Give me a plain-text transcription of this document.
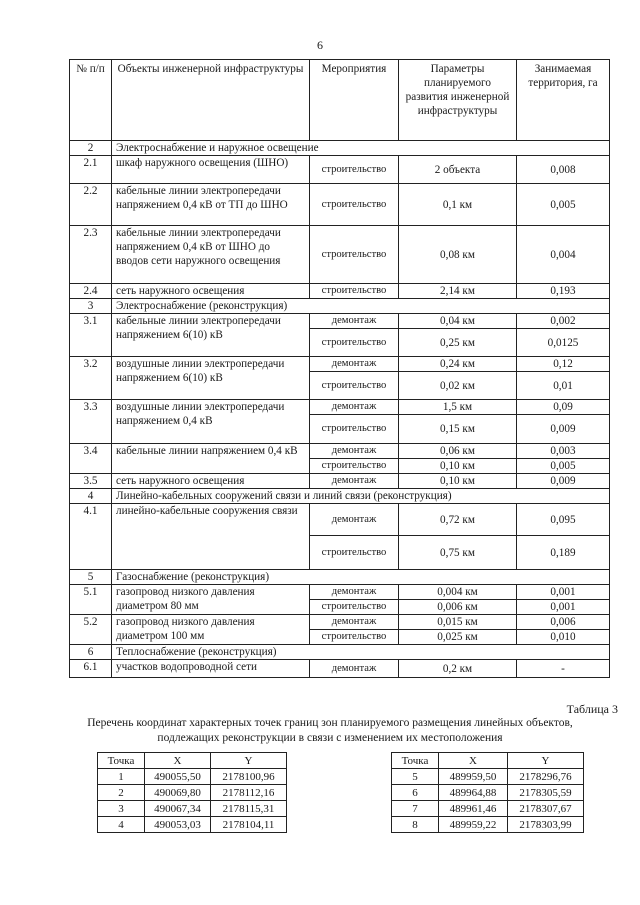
6
№ п/п	Объекты инженерной инфраструктуры	Мероприятия	Параметры планируемого развития инженерной инфраструктуры	Занимаемая территория, га
2	Электроснабжение и наружное освещение			
2.1	шкаф наружного освещения (ШНО)	строительство	2 объекта	0,008
2.2	кабельные линии электропередачи напряжением 0,4 кВ от ТП до ШНО	строительство	0,1 км	0,005
2.3	кабельные линии электропередачи напряжением 0,4 кВ от ШНО до вводов сети наружного освещения	строительство	0,08 км	0,004
2.4	сеть наружного освещения	строительство	2,14 км	0,193
3	Электроснабжение (реконструкция)			
3.1	кабельные линии электропередачи напряжением 6(10) кВ	демонтаж	0,04 км	0,002
		строительство	0,25 км	0,0125
3.2	воздушные линии электропередачи напряжением 6(10) кВ	демонтаж	0,24 км	0,12
		строительство	0,02 км	0,01
3.3	воздушные линии электропередачи напряжением 0,4 кВ	демонтаж	1,5 км	0,09
		строительство	0,15 км	0,009
3.4	кабельные линии напряжением 0,4 кВ	демонтаж	0,06 км	0,003
		строительство	0,10 км	0,005
3.5	сеть наружного освещения	демонтаж	0,10 км	0,009
4	Линейно-кабельных сооружений связи и линий связи (реконструкция)			
4.1	линейно-кабельные сооружения связи	демонтаж	0,72 км	0,095
		строительство	0,75 км	0,189
5	Газоснабжение (реконструкция)			
5.1	газопровод низкого давления диаметром 80 мм	демонтаж	0,004 км	0,001
		строительство	0,006 км	0,001
5.2	газопровод низкого давления диаметром 100 мм	демонтаж	0,015 км	0,006
		строительство	0,025 км	0,010
6	Теплоснабжение (реконструкция)			
6.1	участков водопроводной сети	демонтаж	0,2 км	-
Таблица 3
Перечень координат характерных точек границ зон планируемого размещения линейных объектов, подлежащих реконструкции в связи с изменением их местоположения
Точка	X	Y
1	490055,50	2178100,96
2	490069,80	2178112,16
3	490067,34	2178115,31
4	490053,03	2178104,11
Точка	X	Y
5	489959,50	2178296,76
6	489964,88	2178305,59
7	489961,46	2178307,67
8	489959,22	2178303,99
